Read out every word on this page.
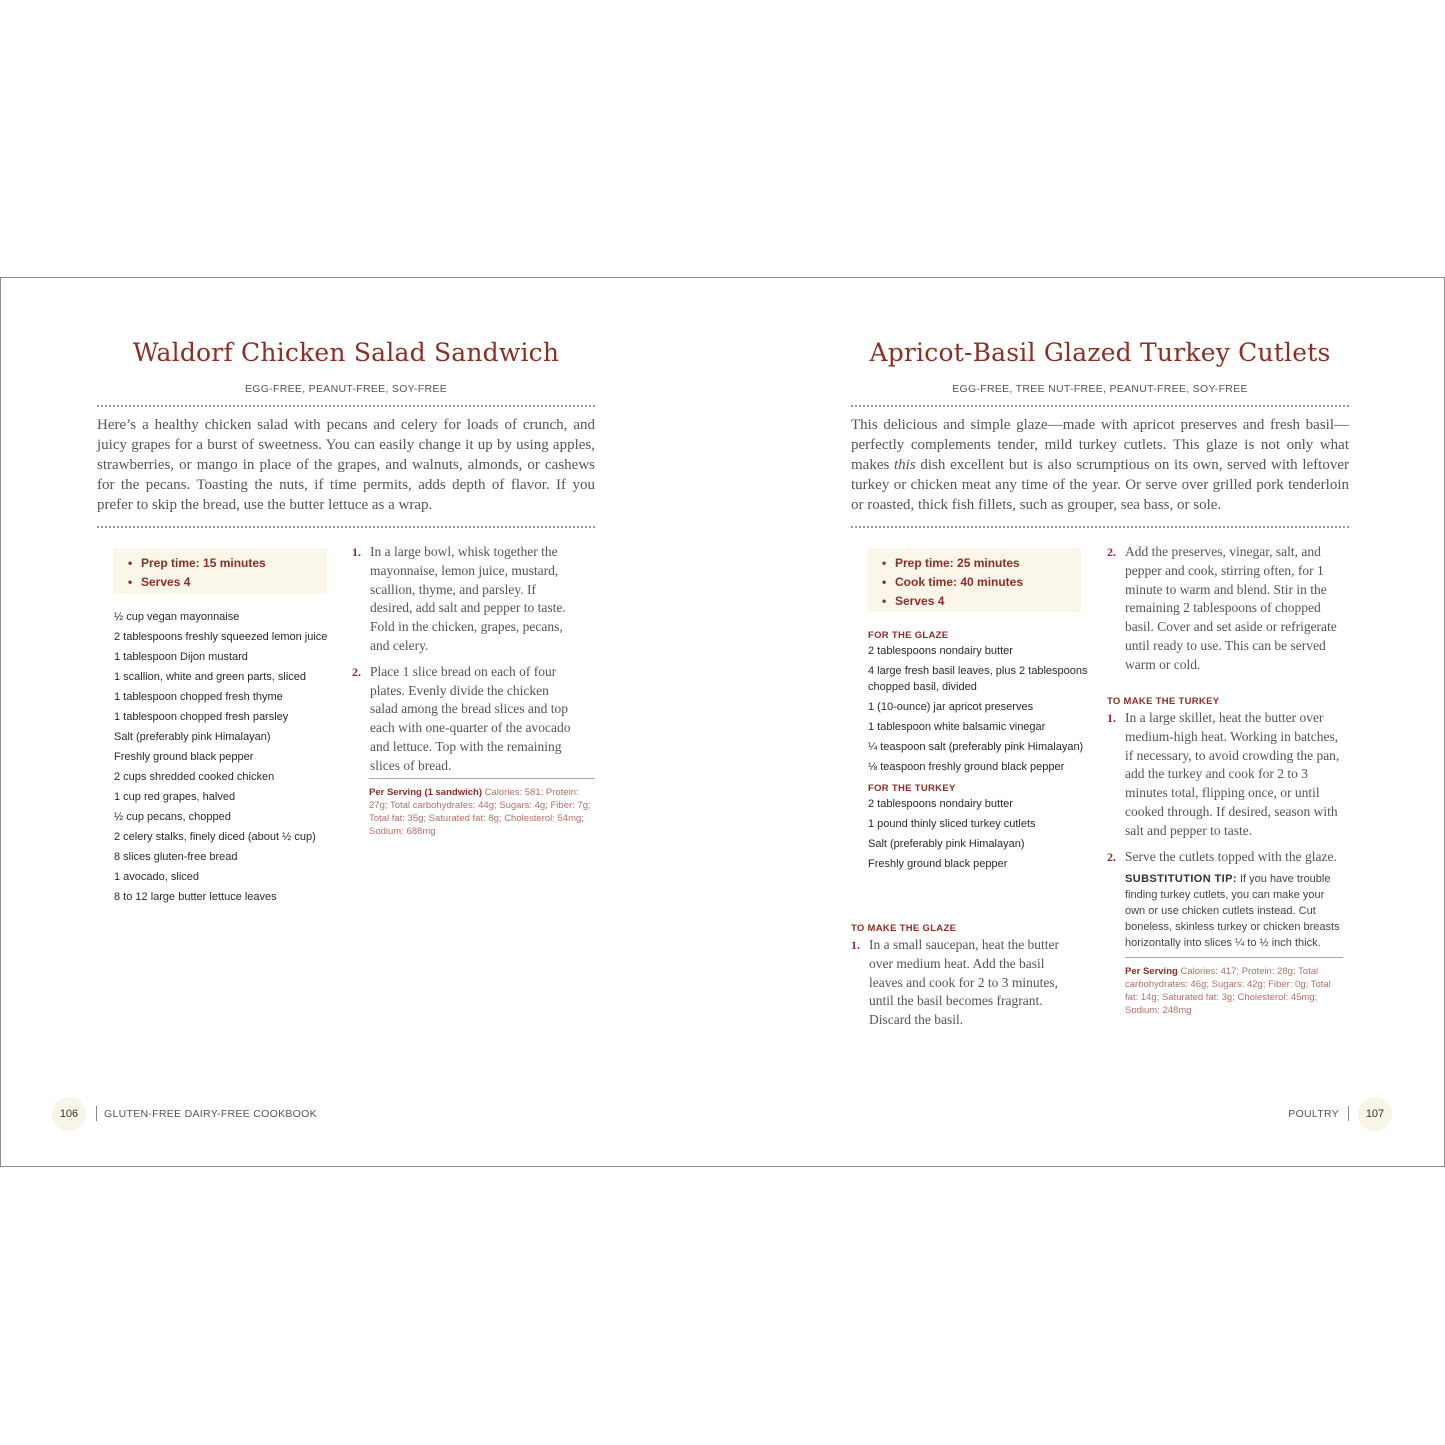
Waldorf Chicken Salad Sandwich
EGG-FREE, PEANUT-FREE, SOY-FREE
Here’s a healthy chicken salad with pecans and celery for loads of crunch, and juicy grapes for a burst of sweetness. You can easily change it up by using apples, strawberries, or mango in place of the grapes, and walnuts, almonds, or cashews for the pecans. Toasting the nuts, if time permits, adds depth of flavor. If you prefer to skip the bread, use the butter lettuce as a wrap.
• Prep time: 15 minutes
• Serves 4
½ cup vegan mayonnaise
2 tablespoons freshly squeezed lemon juice
1 tablespoon Dijon mustard
1 scallion, white and green parts, sliced
1 tablespoon chopped fresh thyme
1 tablespoon chopped fresh parsley
Salt (preferably pink Himalayan)
Freshly ground black pepper
2 cups shredded cooked chicken
1 cup red grapes, halved
½ cup pecans, chopped
2 celery stalks, finely diced (about ½ cup)
8 slices gluten-free bread
1 avocado, sliced
8 to 12 large butter lettuce leaves
1. In a large bowl, whisk together the mayonnaise, lemon juice, mustard, scallion, thyme, and parsley. If desired, add salt and pepper to taste. Fold in the chicken, grapes, pecans, and celery.
2. Place 1 slice bread on each of four plates. Evenly divide the chicken salad among the bread slices and top each with one-quarter of the avocado and lettuce. Top with the remaining slices of bread.
Per Serving (1 sandwich) Calories: 581; Protein: 27g; Total carbohydrates: 44g; Sugars: 4g; Fiber: 7g; Total fat: 35g; Saturated fat: 8g; Cholesterol: 54mg; Sodium: 688mg
106	GLUTEN-FREE DAIRY-FREE COOKBOOK
Apricot-Basil Glazed Turkey Cutlets
EGG-FREE, TREE NUT-FREE, PEANUT-FREE, SOY-FREE
This delicious and simple glaze—made with apricot preserves and fresh basil—perfectly complements tender, mild turkey cutlets. This glaze is not only what makes this dish excellent but is also scrumptious on its own, served with leftover turkey or chicken meat any time of the year. Or serve over grilled pork tenderloin or roasted, thick fish fillets, such as grouper, sea bass, or sole.
• Prep time: 25 minutes
• Cook time: 40 minutes
• Serves 4
FOR THE GLAZE
2 tablespoons nondairy butter
4 large fresh basil leaves, plus 2 tablespoons chopped basil, divided
1 (10-ounce) jar apricot preserves
1 tablespoon white balsamic vinegar
¼ teaspoon salt (preferably pink Himalayan)
⅛ teaspoon freshly ground black pepper
FOR THE TURKEY
2 tablespoons nondairy butter
1 pound thinly sliced turkey cutlets
Salt (preferably pink Himalayan)
Freshly ground black pepper
TO MAKE THE GLAZE
1. In a small saucepan, heat the butter over medium heat. Add the basil leaves and cook for 2 to 3 minutes, until the basil becomes fragrant. Discard the basil.
2. Add the preserves, vinegar, salt, and pepper and cook, stirring often, for 1 minute to warm and blend. Stir in the remaining 2 tablespoons of chopped basil. Cover and set aside or refrigerate until ready to use. This can be served warm or cold.
TO MAKE THE TURKEY
1. In a large skillet, heat the butter over medium-high heat. Working in batches, if necessary, to avoid crowding the pan, add the turkey and cook for 2 to 3 minutes total, flipping once, or until cooked through. If desired, season with salt and pepper to taste.
2. Serve the cutlets topped with the glaze.
SUBSTITUTION TIP: If you have trouble finding turkey cutlets, you can make your own or use chicken cutlets instead. Cut boneless, skinless turkey or chicken breasts horizontally into slices ¼ to ½ inch thick.
Per Serving Calories: 417; Protein: 28g; Total carbohydrates: 46g; Sugars: 42g; Fiber: 0g; Total fat: 14g; Saturated fat: 3g; Cholesterol: 45mg; Sodium: 248mg
POULTRY	107
